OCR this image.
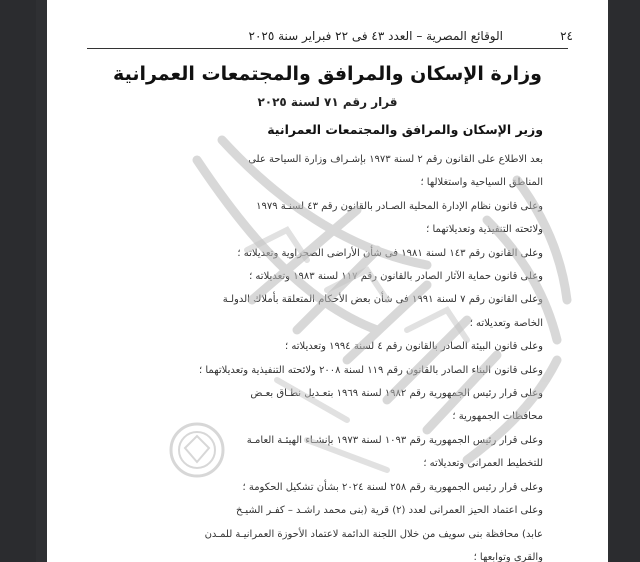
٢٤
الوقائع المصرية – العدد ٤٣ فى ٢٢ فبراير سنة ٢٠٢٥
وزارة الإسكان والمرافق والمجتمعات العمرانية
قرار رقم ٧١ لسنة ٢٠٢٥
وزير الإسكان والمرافق والمجتمعات العمرانية

بعد الاطلاع على القانون رقم ٢ لسنة ١٩٧٣ بإشـراف وزارة السياحة على

المناطق السياحية واستغلالها ؛

وعلى قانون نظام الإدارة المحلية الصـادر بالقانون رقم ٤٣ لسنـة ١٩٧٩

ولائحته التنفيذية وتعديلاتهما ؛

وعلى القانون رقم ١٤٣ لسنة ١٩٨١ فى شأن الأراضى الصحراوية وتعديلاته ؛

وعلى قانون حماية الآثار الصادر بالقانون رقم ١١٧ لسنة ١٩٨٣ وتعديلاته ؛

وعلى القانون رقم ٧ لسنة ١٩٩١ فى شأن بعض الأحكام المتعلقة بأملاك الدولـة

الخاصة وتعديلاته ؛

وعلى قانون البيئة الصادر بالقانون رقم ٤ لسنة ١٩٩٤ وتعديلاته ؛

وعلى قانون البناء الصادر بالقانون رقم ١١٩ لسنة ٢٠٠٨ ولائحته التنفيذية وتعديلاتهما ؛

وعلى قرار رئيس الجمهورية رقم ١٩٨٢ لسنة ١٩٦٩ بتعـديل نطـاق بعـض

محافظات الجمهورية ؛

وعلى قرار رئيس الجمهورية رقم ١٠٩٣ لسنة ١٩٧٣ بإنشـاء الهيئـة العامـة

للتخطيط العمرانى وتعديلاته ؛

وعلى قرار رئيس الجمهورية رقم ٢٥٨ لسنة ٢٠٢٤ بشأن تشكيل الحكومة ؛

وعلى اعتماد الحيز العمرانى لعدد (٢) قرية (بنى محمد راشـد – كفـر الشيـخ

عابد) محافظة بنى سويف من خلال اللجنة الدائمة لاعتماد الأحوزة العمرانيـة للمـدن

والقرى وتوابعها ؛
